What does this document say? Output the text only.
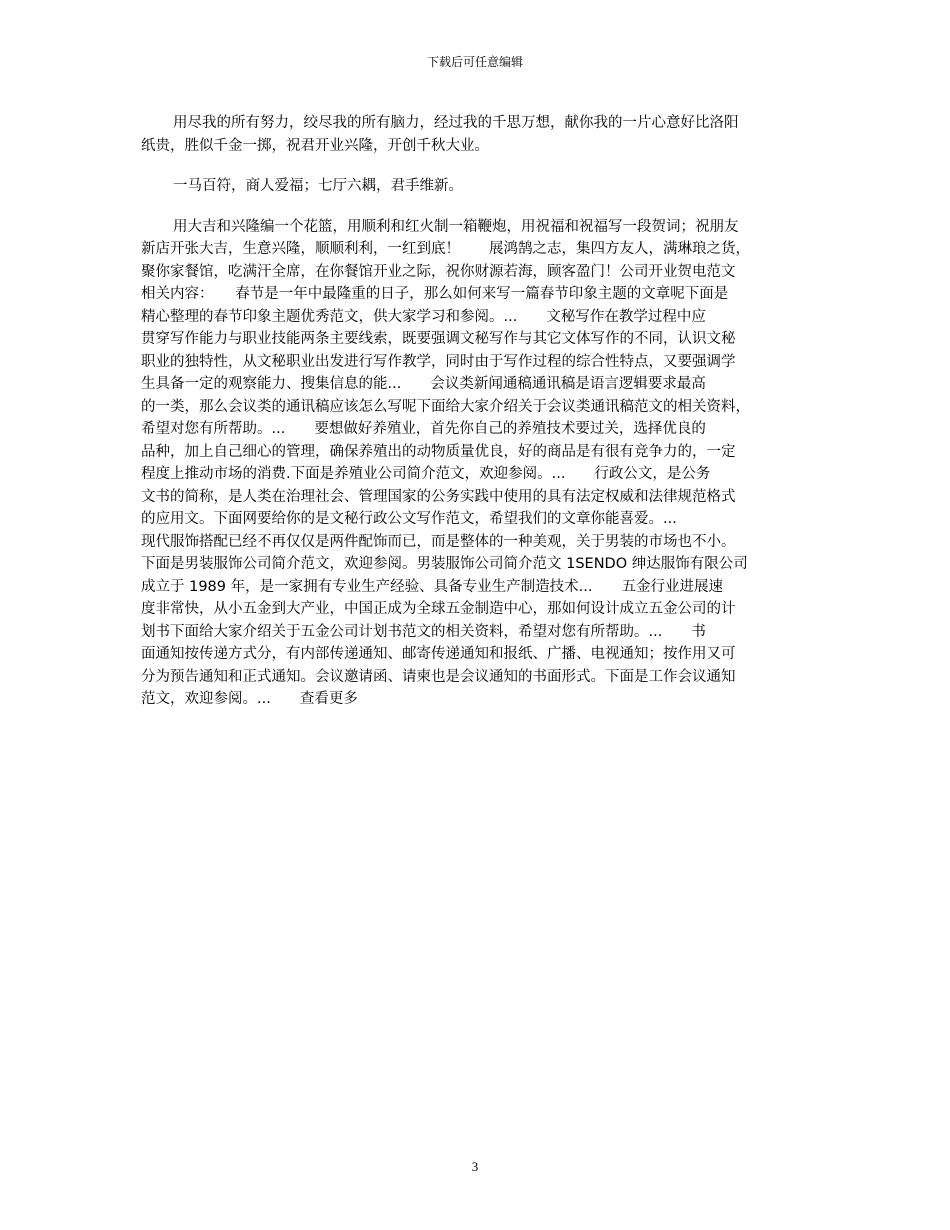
下载后可任意编辑

用尽我的所有努力，绞尽我的所有脑力，经过我的千思万想，献你我的一片心意好比洛阳
纸贵，胜似千金一掷，祝君开业兴隆，开创千秋大业。

一马百符，商人爱福；七厅六耦，君手维新。

用大吉和兴隆编一个花篮，用顺利和红火制一箱鞭炮，用祝福和祝福写一段贺词；祝朋友
新店开张大吉，生意兴隆，顺顺利利，一红到底！　　展鸿鹄之志，集四方友人，满琳琅之货，
聚你家餐馆，吃满汗全席，在你餐馆开业之际，祝你财源若海，顾客盈门！公司开业贺电范文
相关内容：　　春节是一年中最隆重的日子，那么如何来写一篇春节印象主题的文章呢下面是
精心整理的春节印象主题优秀范文，供大家学习和参阅。...　　文秘写作在教学过程中应
贯穿写作能力与职业技能两条主要线索，既要强调文秘写作与其它文体写作的不同，认识文秘
职业的独特性，从文秘职业出发进行写作教学，同时由于写作过程的综合性特点，又要强调学
生具备一定的观察能力、搜集信息的能...　　会议类新闻通稿通讯稿是语言逻辑要求最高
的一类，那么会议类的通讯稿应该怎么写呢下面给大家介绍关于会议类通讯稿范文的相关资料，
希望对您有所帮助。...　　要想做好养殖业，首先你自己的养殖技术要过关，选择优良的
品种，加上自己细心的管理，确保养殖出的动物质量优良，好的商品是有很有竞争力的，一定
程度上推动市场的消费.下面是养殖业公司简介范文，欢迎参阅。...　　行政公文，是公务
文书的简称，是人类在治理社会、管理国家的公务实践中使用的具有法定权威和法律规范格式
的应用文。下面网要给你的是文秘行政公文写作范文，希望我们的文章你能喜爱。...
现代服饰搭配已经不再仅仅是两件配饰而已，而是整体的一种美观，关于男装的市场也不小。
下面是男装服饰公司简介范文，欢迎参阅。男装服饰公司简介范文 1SENDO 绅达服饰有限公司
成立于 1989 年，是一家拥有专业生产经验、具备专业生产制造技术...　　五金行业进展速
度非常快，从小五金到大产业，中国正成为全球五金制造中心，那如何设计成立五金公司的计
划书下面给大家介绍关于五金公司计划书范文的相关资料，希望对您有所帮助。...　　书
面通知按传递方式分，有内部传递通知、邮寄传递通知和报纸、广播、电视通知；按作用又可
分为预告通知和正式通知。会议邀请函、请柬也是会议通知的书面形式。下面是工作会议通知
范文，欢迎参阅。...　　查看更多

3
